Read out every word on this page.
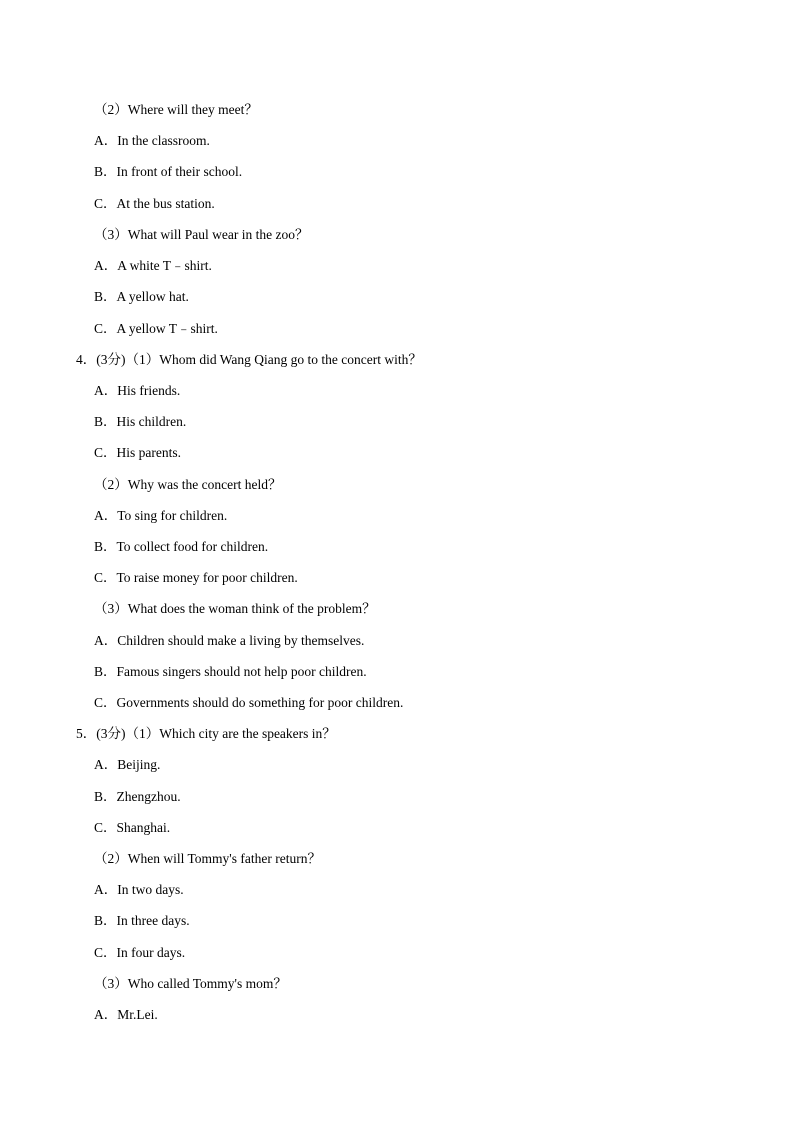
（2）Where will they meet？
A．In the classroom.
B．In front of their school.
C．At the bus station.
（3）What will Paul wear in the zoo？
A．A white T﹣shirt.
B．A yellow hat.
C．A yellow T﹣shirt.
4．(3分)（1）Whom did Wang Qiang go to the concert with？
A．His friends.
B．His children.
C．His parents.
（2）Why was the concert held？
A．To sing for children.
B．To collect food for children.
C．To raise money for poor children.
（3）What does the woman think of the problem？
A．Children should make a living by themselves.
B．Famous singers should not help poor children.
C．Governments should do something for poor children.
5．(3分)（1）Which city are the speakers in？
A．Beijing.
B．Zhengzhou.
C．Shanghai.
（2）When will Tommy's father return？
A．In two days.
B．In three days.
C．In four days.
（3）Who called Tommy's mom？
A．Mr.Lei.
